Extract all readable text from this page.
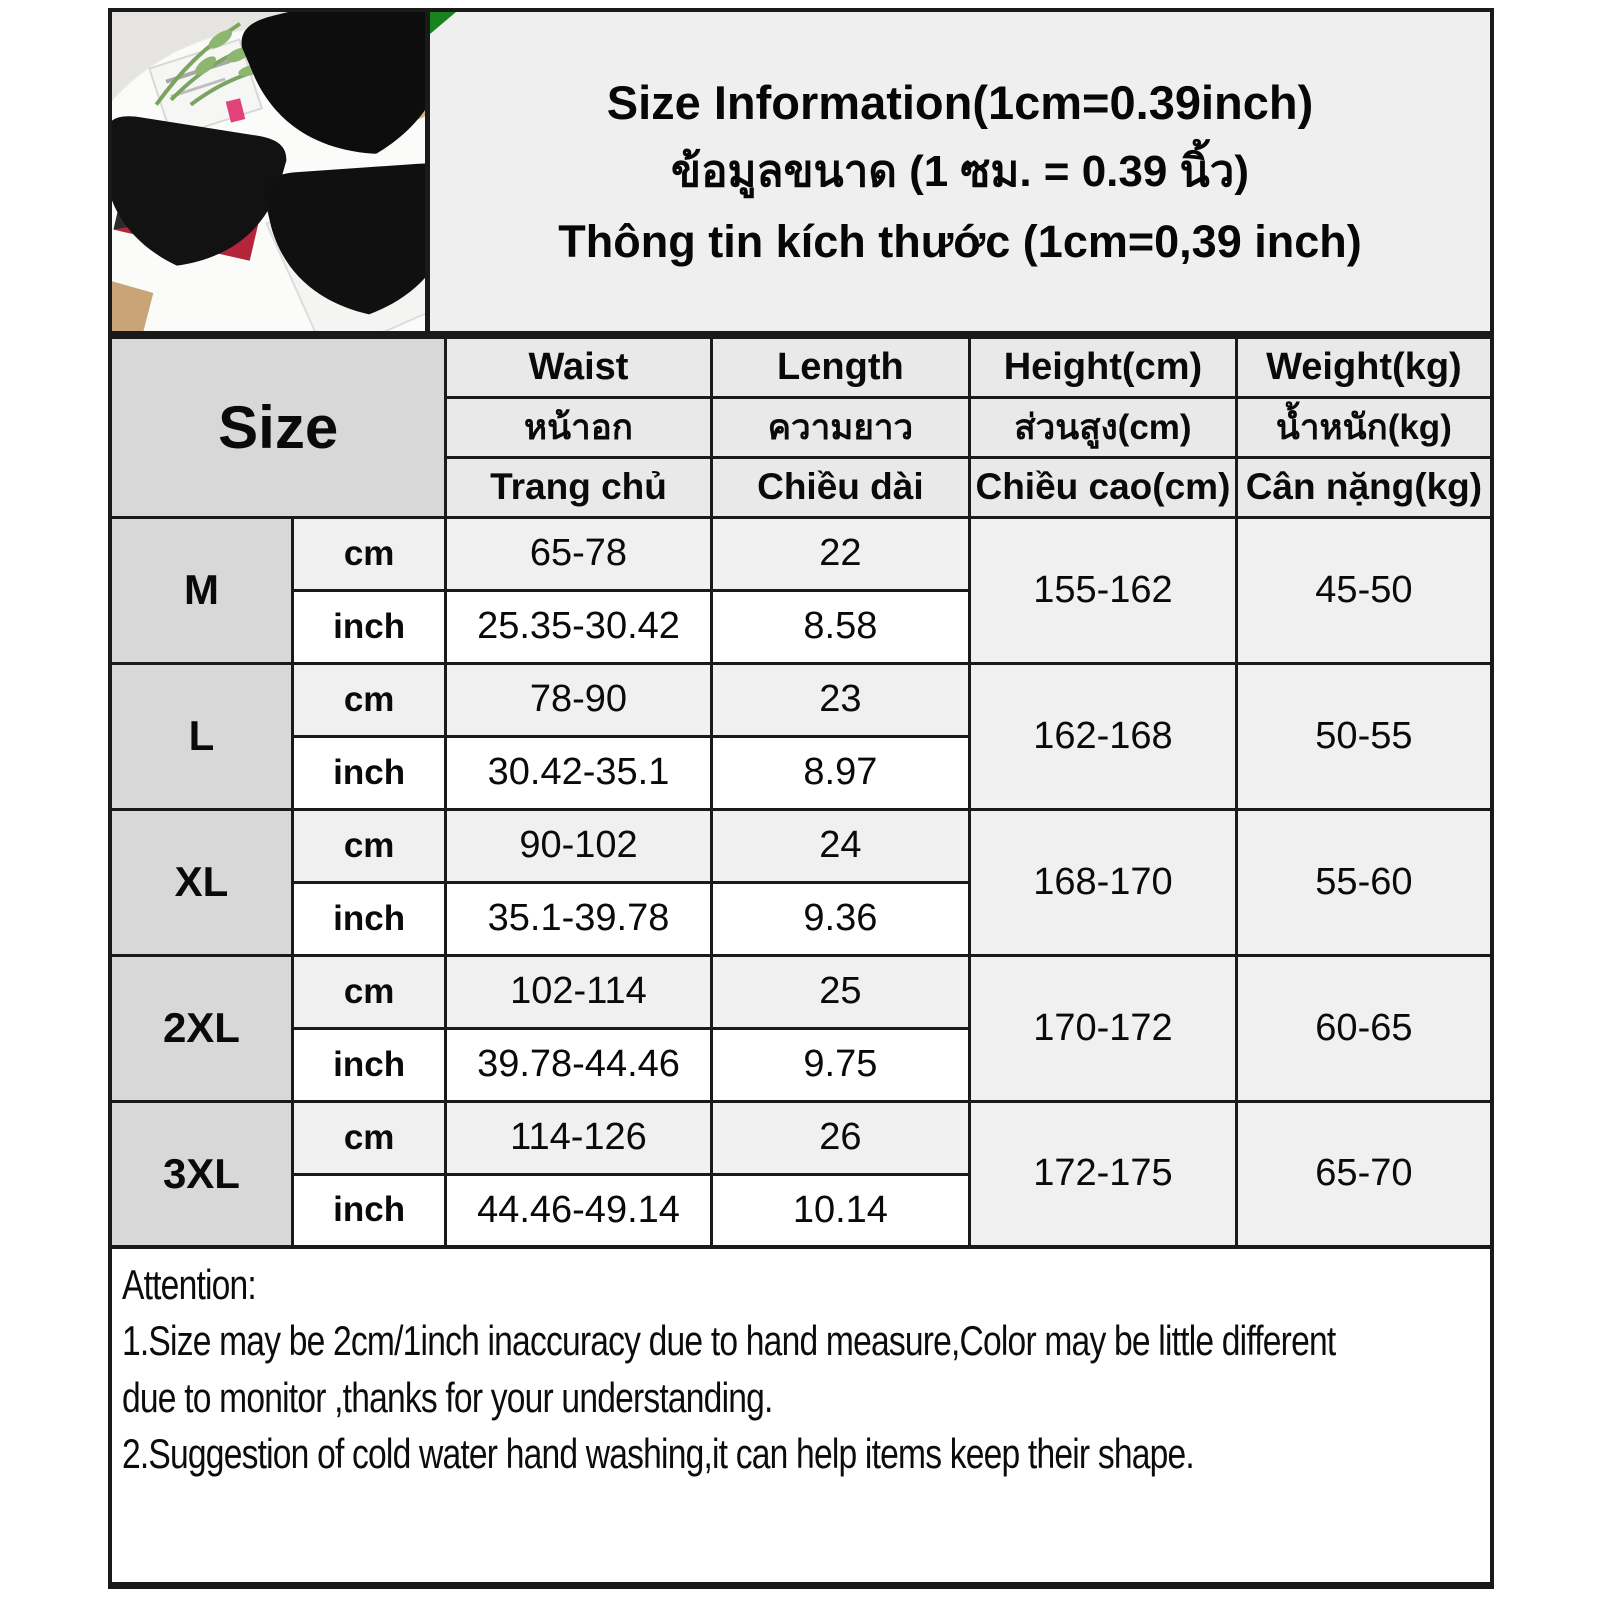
Size Information(1cm=0.39inch)
ข้อมูลขนาด (1 ซม. = 0.39 นิ้ว)
Thông tin kích thước (1cm=0,39 inch)
Size		Waist	Length	Height(cm)	Weight(kg)
		หน้าอก	ความยาว	ส่วนสูง(cm)	น้ำหนัก(kg)
		Trang chủ	Chiều dài	Chiều cao(cm)	Cân nặng(kg)
M	cm	65-78	22	155-162	45-50
	inch	25.35-30.42	8.58		
L	cm	78-90	23	162-168	50-55
	inch	30.42-35.1	8.97		
XL	cm	90-102	24	168-170	55-60
	inch	35.1-39.78	9.36		
2XL	cm	102-114	25	170-172	60-65
	inch	39.78-44.46	9.75		
3XL	cm	114-126	26	172-175	65-70
	inch	44.46-49.14	10.14		
Attention:
1.Size may be 2cm/1inch inaccuracy due to hand measure,Color may be little different
due to monitor ,thanks for your understanding.
2.Suggestion of cold water hand washing,it can help items keep their shape.
